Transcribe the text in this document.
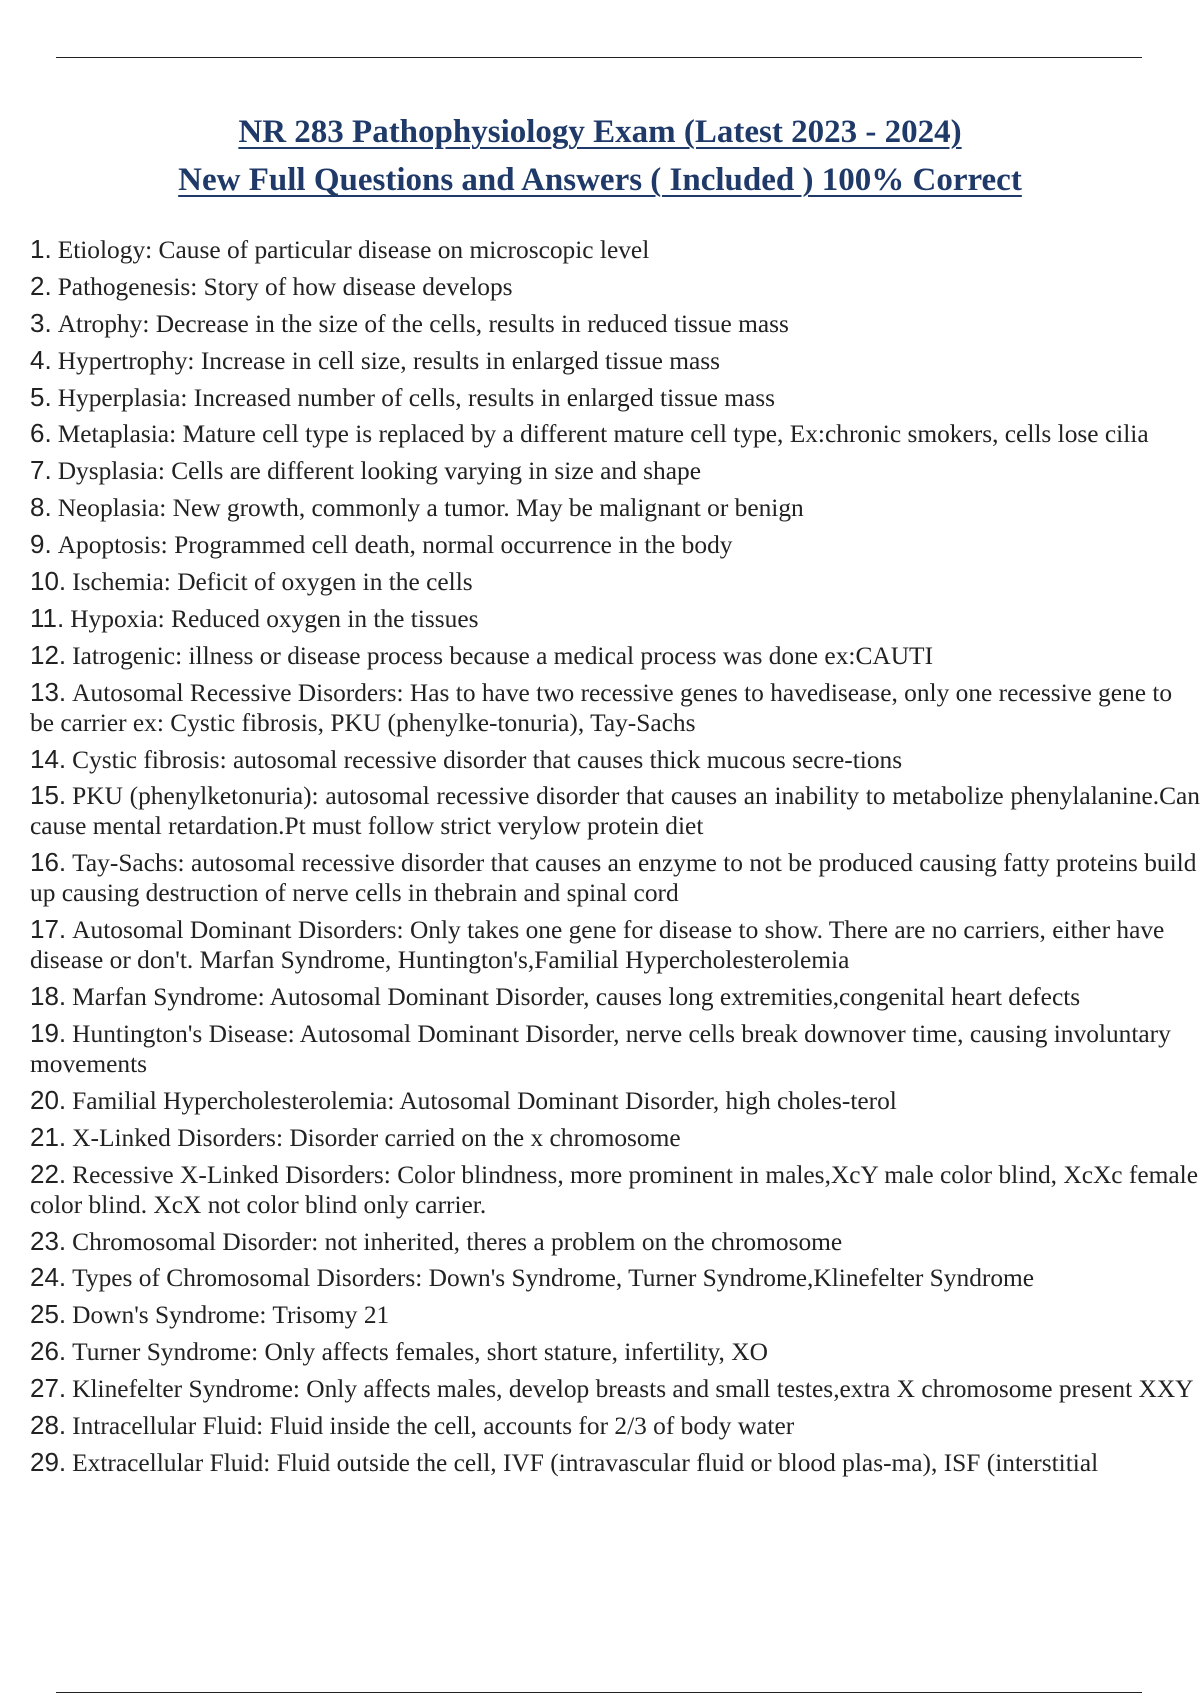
NR 283 Pathophysiology Exam (Latest 2023 - 2024)

New Full Questions and Answers ( Included ) 100% Correct

1. Etiology: Cause of particular disease on microscopic level
2. Pathogenesis: Story of how disease develops
3. Atrophy: Decrease in the size of the cells, results in reduced tissue mass
4. Hypertrophy: Increase in cell size, results in enlarged tissue mass
5. Hyperplasia: Increased number of cells, results in enlarged tissue mass
6. Metaplasia: Mature cell type is replaced by a different mature cell type, Ex:chronic smokers, cells lose cilia
7. Dysplasia: Cells are different looking varying in size and shape
8. Neoplasia: New growth, commonly a tumor. May be malignant or benign
9. Apoptosis: Programmed cell death, normal occurrence in the body
10. Ischemia: Deficit of oxygen in the cells
11. Hypoxia: Reduced oxygen in the tissues
12. Iatrogenic: illness or disease process because a medical process was done ex:CAUTI
13. Autosomal Recessive Disorders: Has to have two recessive genes to havedisease, only one recessive gene to be carrier ex: Cystic fibrosis, PKU (phenylke-tonuria), Tay-Sachs
14. Cystic fibrosis: autosomal recessive disorder that causes thick mucous secre-tions
15. PKU (phenylketonuria): autosomal recessive disorder that causes an inability to metabolize phenylalanine.Can cause mental retardation.Pt must follow strict verylow protein diet
16. Tay-Sachs: autosomal recessive disorder that causes an enzyme to not be produced causing fatty proteins build up causing destruction of nerve cells in thebrain and spinal cord
17. Autosomal Dominant Disorders: Only takes one gene for disease to show. There are no carriers, either have disease or don't. Marfan Syndrome, Huntington's,Familial Hypercholesterolemia
18. Marfan Syndrome: Autosomal Dominant Disorder, causes long extremities,congenital heart defects
19. Huntington's Disease: Autosomal Dominant Disorder, nerve cells break downover time, causing involuntary movements
20. Familial Hypercholesterolemia: Autosomal Dominant Disorder, high choles-terol
21. X-Linked Disorders: Disorder carried on the x chromosome
22. Recessive X-Linked Disorders: Color blindness, more prominent in males,XcY male color blind, XcXc female color blind. XcX not color blind only carrier.
23. Chromosomal Disorder: not inherited, theres a problem on the chromosome
24. Types of Chromosomal Disorders: Down's Syndrome, Turner Syndrome,Klinefelter Syndrome
25. Down's Syndrome: Trisomy 21
26. Turner Syndrome: Only affects females, short stature, infertility, XO
27. Klinefelter Syndrome: Only affects males, develop breasts and small testes,extra X chromosome present XXY
28. Intracellular Fluid: Fluid inside the cell, accounts for 2/3 of body water
29. Extracellular Fluid: Fluid outside the cell, IVF (intravascular fluid or blood plas-ma), ISF (interstitial
